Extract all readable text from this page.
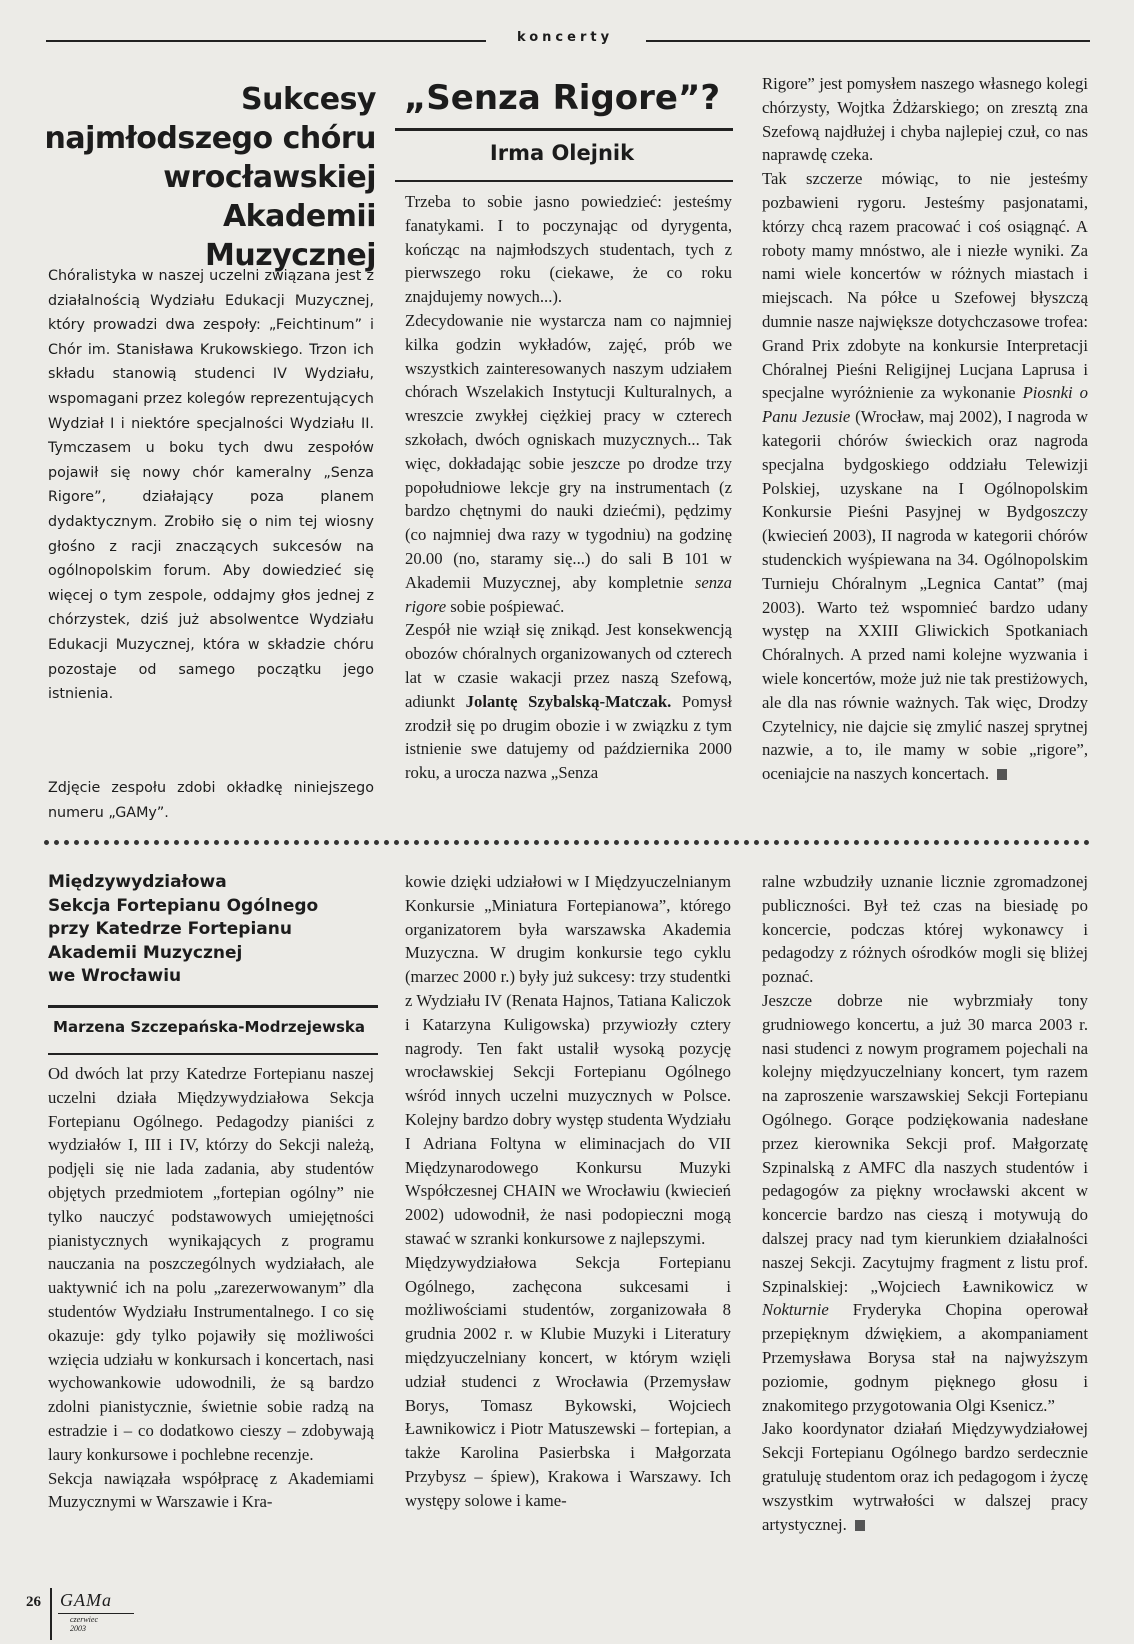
koncerty
Sukcesy
najmłodszego chóru
wrocławskiej
Akademii Muzycznej

Chóralistyka w naszej uczelni związana jest z działalnością Wydziału Edukacji Muzycznej, który prowadzi dwa zespoły: „Feichtinum” i Chór im. Stanisława Krukowskiego. Trzon ich składu stanowią studenci IV Wydziału, wspomagani przez kolegów reprezentujących Wydział I i niektóre specjalności Wydziału II. Tymczasem u boku tych dwu zespołów pojawił się nowy chór kameralny „Senza Rigore”, działający poza planem dydaktycznym. Zrobiło się o nim tej wiosny głośno z racji znaczących sukcesów na ogólnopolskim forum. Aby dowiedzieć się więcej o tym zespole, oddajmy głos jednej z chórzystek, dziś już absolwentce Wydziału Edukacji Muzycznej, która w składzie chóru pozostaje od samego początku jego istnienia.

Zdjęcie zespołu zdobi okładkę niniejszego numeru „GAMy”.

„Senza Rigore”?
Irma Olejnik

Trzeba to sobie jasno powiedzieć: jesteśmy fanatykami. I to poczynając od dyrygenta, kończąc na najmłodszych studentach, tych z pierwszego roku (ciekawe, że co roku znajdujemy nowych...).

Zdecydowanie nie wystarcza nam co najmniej kilka godzin wykładów, zajęć, prób we wszystkich zainteresowanych naszym udziałem chórach Wszelakich Instytucji Kulturalnych, a wreszcie zwykłej ciężkiej pracy w czterech szkołach, dwóch ogniskach muzycznych... Tak więc, dokładając sobie jeszcze po drodze trzy popołudniowe lekcje gry na instrumentach (z bardzo chętnymi do nauki dziećmi), pędzimy (co najmniej dwa razy w tygodniu) na godzinę 20.00 (no, staramy się...) do sali B 101 w Akademii Muzycznej, aby kompletnie senza rigore sobie pośpiewać.

Zespół nie wziął się znikąd. Jest konsekwencją obozów chóralnych organizowanych od czterech lat w czasie wakacji przez naszą Szefową, adiunkt Jolantę Szybalską-Matczak. Pomysł zrodził się po drugim obozie i w związku z tym istnienie swe datujemy od października 2000 roku, a urocza nazwa „Senza

Rigore” jest pomysłem naszego własnego kolegi chórzysty, Wojtka Żdżarskiego; on zresztą zna Szefową najdłużej i chyba najlepiej czuł, co nas naprawdę czeka.

Tak szczerze mówiąc, to nie jesteśmy pozbawieni rygoru. Jesteśmy pasjonatami, którzy chcą razem pracować i coś osiągnąć. A roboty mamy mnóstwo, ale i niezłe wyniki. Za nami wiele koncertów w różnych miastach i miejscach. Na półce u Szefowej błyszczą dumnie nasze największe dotychczasowe trofea: Grand Prix zdobyte na konkursie Interpretacji Chóralnej Pieśni Religijnej Lucjana Laprusa i specjalne wyróżnienie za wykonanie Piosnki o Panu Jezusie (Wrocław, maj 2002), I nagroda w kategorii chórów świeckich oraz nagroda specjalna bydgoskiego oddziału Telewizji Polskiej, uzyskane na I Ogólnopolskim Konkursie Pieśni Pasyjnej w Bydgoszczy (kwiecień 2003), II nagroda w kategorii chórów studenckich wyśpiewana na 34. Ogólnopolskim Turnieju Chóralnym „Legnica Cantat” (maj 2003). Warto też wspomnieć bardzo udany występ na XXIII Gliwickich Spotkaniach Chóralnych. A przed nami kolejne wyzwania i wiele koncertów, może już nie tak prestiżowych, ale dla nas równie ważnych. Tak więc, Drodzy Czytelnicy, nie dajcie się zmylić naszej sprytnej nazwie, a to, ile mamy w sobie „rigore”, oceniajcie na naszych koncertach.

Międzywydziałowa
Sekcja Fortepianu Ogólnego
przy Katedrze Fortepianu
Akademii Muzycznej
we Wrocławiu
Marzena Szczepańska-Modrzejewska

Od dwóch lat przy Katedrze Fortepianu naszej uczelni działa Międzywydziałowa Sekcja Fortepianu Ogólnego. Pedagodzy pianiści z wydziałów I, III i IV, którzy do Sekcji należą, podjęli się nie lada zadania, aby studentów objętych przedmiotem „fortepian ogólny” nie tylko nauczyć podstawowych umiejętności pianistycznych wynikających z programu nauczania na poszczególnych wydziałach, ale uaktywnić ich na polu „zarezerwowanym” dla studentów Wydziału Instrumentalnego. I co się okazuje: gdy tylko pojawiły się możliwości wzięcia udziału w konkursach i koncertach, nasi wychowankowie udowodnili, że są bardzo zdolni pianistycznie, świetnie sobie radzą na estradzie i – co dodatkowo cieszy – zdobywają laury konkursowe i pochlebne recenzje.

Sekcja nawiązała współpracę z Akademiami Muzycznymi w Warszawie i Kra-

kowie dzięki udziałowi w I Międzyuczelnianym Konkursie „Miniatura Fortepianowa”, którego organizatorem była warszawska Akademia Muzyczna. W drugim konkursie tego cyklu (marzec 2000 r.) były już sukcesy: trzy studentki z Wydziału IV (Renata Hajnos, Tatiana Kaliczok i Katarzyna Kuligowska) przywiozły cztery nagrody. Ten fakt ustalił wysoką pozycję wrocławskiej Sekcji Fortepianu Ogólnego wśród innych uczelni muzycznych w Polsce. Kolejny bardzo dobry występ studenta Wydziału I Adriana Foltyna w eliminacjach do VII Międzynarodowego Konkursu Muzyki Współczesnej CHAIN we Wrocławiu (kwiecień 2002) udowodnił, że nasi podopieczni mogą stawać w szranki konkursowe z najlepszymi.

Międzywydziałowa Sekcja Fortepianu Ogólnego, zachęcona sukcesami i możliwościami studentów, zorganizowała 8 grudnia 2002 r. w Klubie Muzyki i Literatury międzyuczelniany koncert, w którym wzięli udział studenci z Wrocławia (Przemysław Borys, Tomasz Bykowski, Wojciech Ławnikowicz i Piotr Matuszewski – fortepian, a także Karolina Pasierbska i Małgorzata Przybysz – śpiew), Krakowa i Warszawy. Ich występy solowe i kame-

ralne wzbudziły uznanie licznie zgromadzonej publiczności. Był też czas na biesiadę po koncercie, podczas której wykonawcy i pedagodzy z różnych ośrodków mogli się bliżej poznać.

Jeszcze dobrze nie wybrzmiały tony grudniowego koncertu, a już 30 marca 2003 r. nasi studenci z nowym programem pojechali na kolejny międzyuczelniany koncert, tym razem na zaproszenie warszawskiej Sekcji Fortepianu Ogólnego. Gorące podziękowania nadesłane przez kierownika Sekcji prof. Małgorzatę Szpinalską z AMFC dla naszych studentów i pedagogów za piękny wrocławski akcent w koncercie bardzo nas cieszą i motywują do dalszej pracy nad tym kierunkiem działalności naszej Sekcji. Zacytujmy fragment z listu prof. Szpinalskiej: „Wojciech Ławnikowicz w Nokturnie Fryderyka Chopina operował przepięknym dźwiękiem, a akompaniament Przemysława Borysa stał na najwyższym poziomie, godnym pięknego głosu i znakomitego przygotowania Olgi Ksenicz.”

Jako koordynator działań Międzywydziałowej Sekcji Fortepianu Ogólnego bardzo serdecznie gratuluję studentom oraz ich pedagogom i życzę wszystkim wytrwałości w dalszej pracy artystycznej.

26 GAMa
czerwiec 2003
